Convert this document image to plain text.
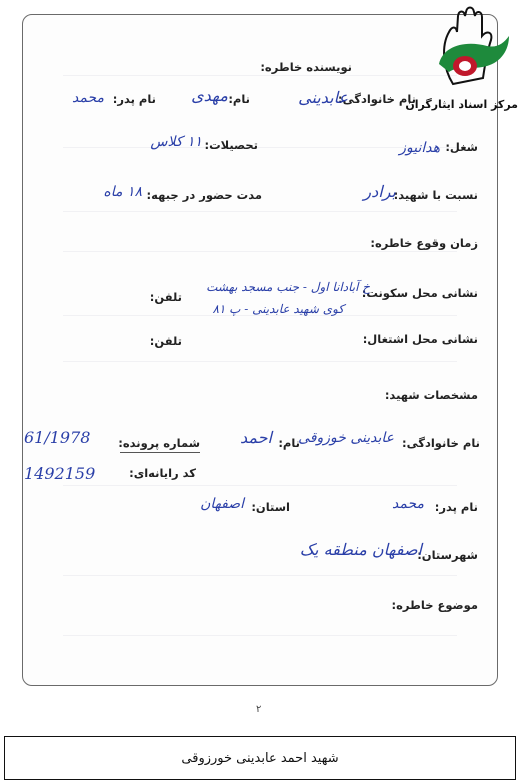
مرکز اسناد ایثارگران
نویسنده خاطره:
نام خانوادگی:
عابدینی
نام:
مهدی
نام پدر:
محمد
شغل:
هدانیوز
تحصیلات:
۱۱ کلاس
نسبت با شهید:
برادر
مدت حضور در جبهه:
۱۸ ماه
زمان وقوع خاطره:
نشانی محل سکونت:
خ آبادانا اول - جنب مسجد بهشت
تلفن:
کوی شهید عابدینی - پ ۸۱
نشانی محل اشتغال:
تلفن:
مشخصات شهید:
نام خانوادگی:
عابدینی خوزوقی
نام:
احمد
شماره پرونده:
61/1978
کد رایانه‌ای:
1492159
نام پدر:
محمد
استان:
اصفهان
شهرستان:
اصفهان منطقه یک
موضوع خاطره:
۲
شهید احمد عابدینی خورزوقی
